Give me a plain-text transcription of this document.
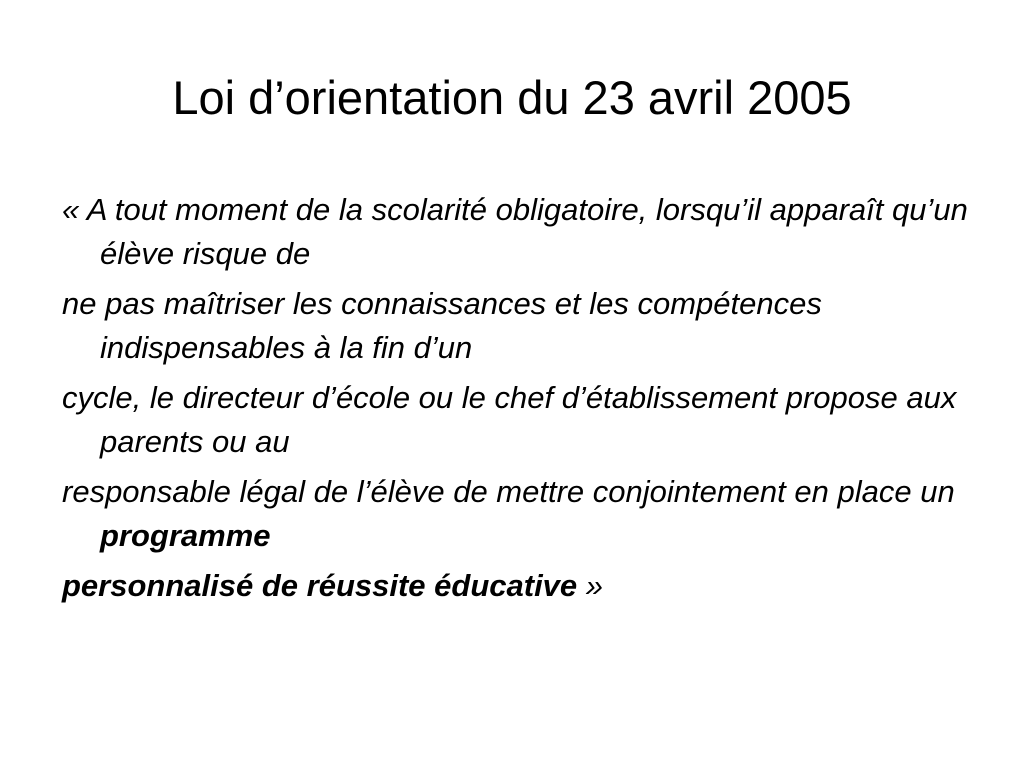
Loi d’orientation du 23 avril 2005

« A tout moment de la scolarité obligatoire, lorsqu’il apparaît qu’un élève risque de

ne pas maîtriser les connaissances et les compétences indispensables à la fin d’un

cycle, le directeur d’école ou le chef d’établissement propose aux parents ou au

responsable légal de l’élève de mettre conjointement en place un programme

personnalisé de réussite éducative »
